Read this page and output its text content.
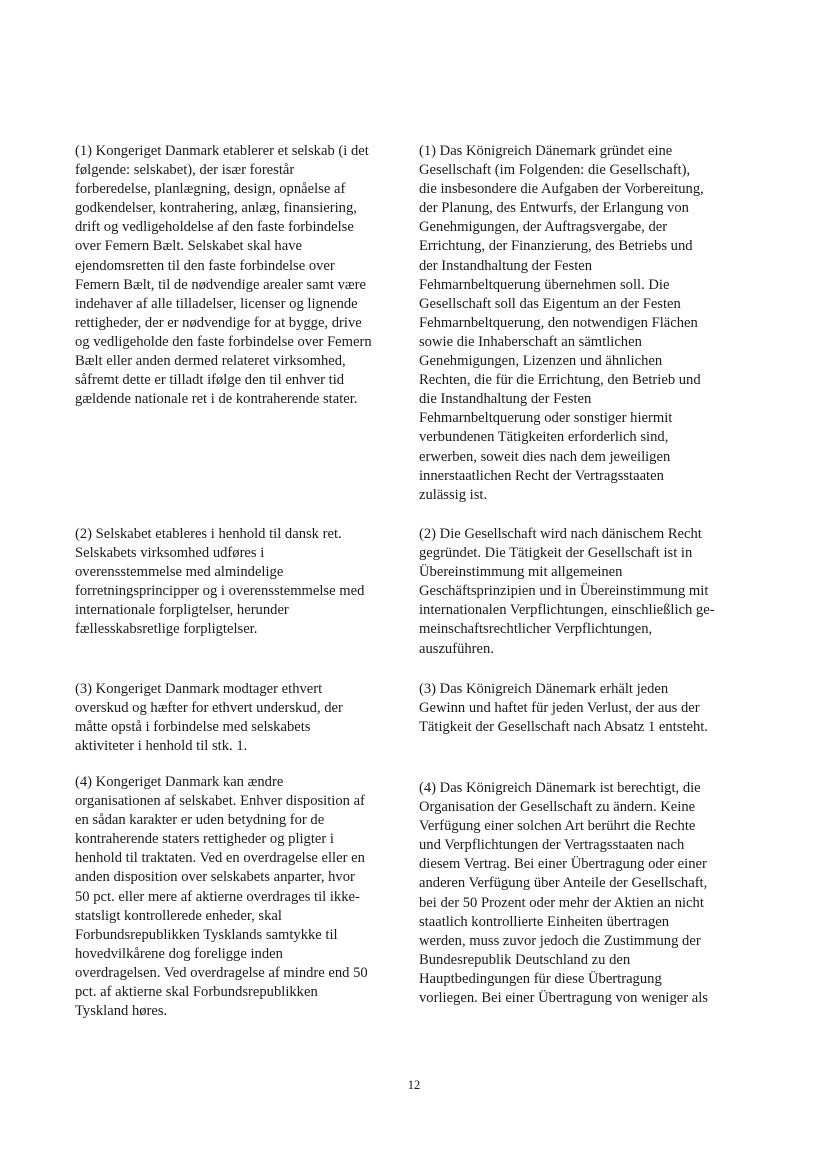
(1) Kongeriget Danmark etablerer et selskab (i det
følgende: selskabet), der især forestår
forberedelse, planlægning, design, opnåelse af
godkendelser, kontrahering, anlæg, finansiering,
drift og vedligeholdelse af den faste forbindelse
over Femern Bælt. Selskabet skal have
ejendomsretten til den faste forbindelse over
Femern Bælt, til de nødvendige arealer samt være
indehaver af alle tilladelser, licenser og lignende
rettigheder, der er nødvendige for at bygge, drive
og vedligeholde den faste forbindelse over Femern
Bælt eller anden dermed relateret virksomhed,
såfremt dette er tilladt ifølge den til enhver tid
gældende nationale ret i de kontraherende stater.

(1) Das Königreich Dänemark gründet eine
Gesellschaft (im Folgenden: die Gesellschaft),
die insbesondere die Aufgaben der Vorbereitung,
der Planung, des Entwurfs, der Erlangung von
Genehmigungen, der Auftragsvergabe, der
Errichtung, der Finanzierung, des Betriebs und
der Instandhaltung der Festen
Fehmarnbeltquerung übernehmen soll. Die
Gesellschaft soll das Eigentum an der Festen
Fehmarnbeltquerung, den notwendigen Flächen
sowie die Inhaberschaft an sämtlichen
Genehmigungen, Lizenzen und ähnlichen
Rechten, die für die Errichtung, den Betrieb und
die Instandhaltung der Festen
Fehmarnbeltquerung oder sonstiger hiermit
verbundenen Tätigkeiten erforderlich sind,
erwerben, soweit dies nach dem jeweiligen
innerstaatlichen Recht der Vertragsstaaten
zulässig ist.

(2) Selskabet etableres i henhold til dansk ret.
Selskabets virksomhed udføres i
overensstemmelse med almindelige
forretningsprincipper og i overensstemmelse med
internationale forpligtelser, herunder
fællesskabsretlige forpligtelser.

(2) Die Gesellschaft wird nach dänischem Recht
gegründet. Die Tätigkeit der Gesellschaft ist in
Übereinstimmung mit allgemeinen
Geschäftsprinzipien und in Übereinstimmung mit
internationalen Verpflichtungen, einschließlich ge-
meinschaftsrechtlicher Verpflichtungen,
auszuführen.

(3) Kongeriget Danmark modtager ethvert
overskud og hæfter for ethvert underskud, der
måtte opstå i forbindelse med selskabets
aktiviteter i henhold til stk. 1.

(3) Das Königreich Dänemark erhält jeden
Gewinn und haftet für jeden Verlust, der aus der
Tätigkeit der Gesellschaft nach Absatz 1 entsteht.

(4) Kongeriget Danmark kan ændre
organisationen af selskabet. Enhver disposition af
en sådan karakter er uden betydning for de
kontraherende staters rettigheder og pligter i
henhold til traktaten. Ved en overdragelse eller en
anden disposition over selskabets anparter, hvor
50 pct. eller mere af aktierne overdrages til ikke-
statsligt kontrollerede enheder, skal
Forbundsrepublikken Tysklands samtykke til
hovedvilkårene dog foreligge inden
overdragelsen. Ved overdragelse af mindre end 50
pct. af aktierne skal Forbundsrepublikken
Tyskland høres.

(4) Das Königreich Dänemark ist berechtigt, die
Organisation der Gesellschaft zu ändern. Keine
Verfügung einer solchen Art berührt die Rechte
und Verpflichtungen der Vertragsstaaten nach
diesem Vertrag. Bei einer Übertragung oder einer
anderen Verfügung über Anteile der Gesellschaft,
bei der 50 Prozent oder mehr der Aktien an nicht
staatlich kontrollierte Einheiten übertragen
werden, muss zuvor jedoch die Zustimmung der
Bundesrepublik Deutschland zu den
Hauptbedingungen für diese Übertragung
vorliegen. Bei einer Übertragung von weniger als

12
